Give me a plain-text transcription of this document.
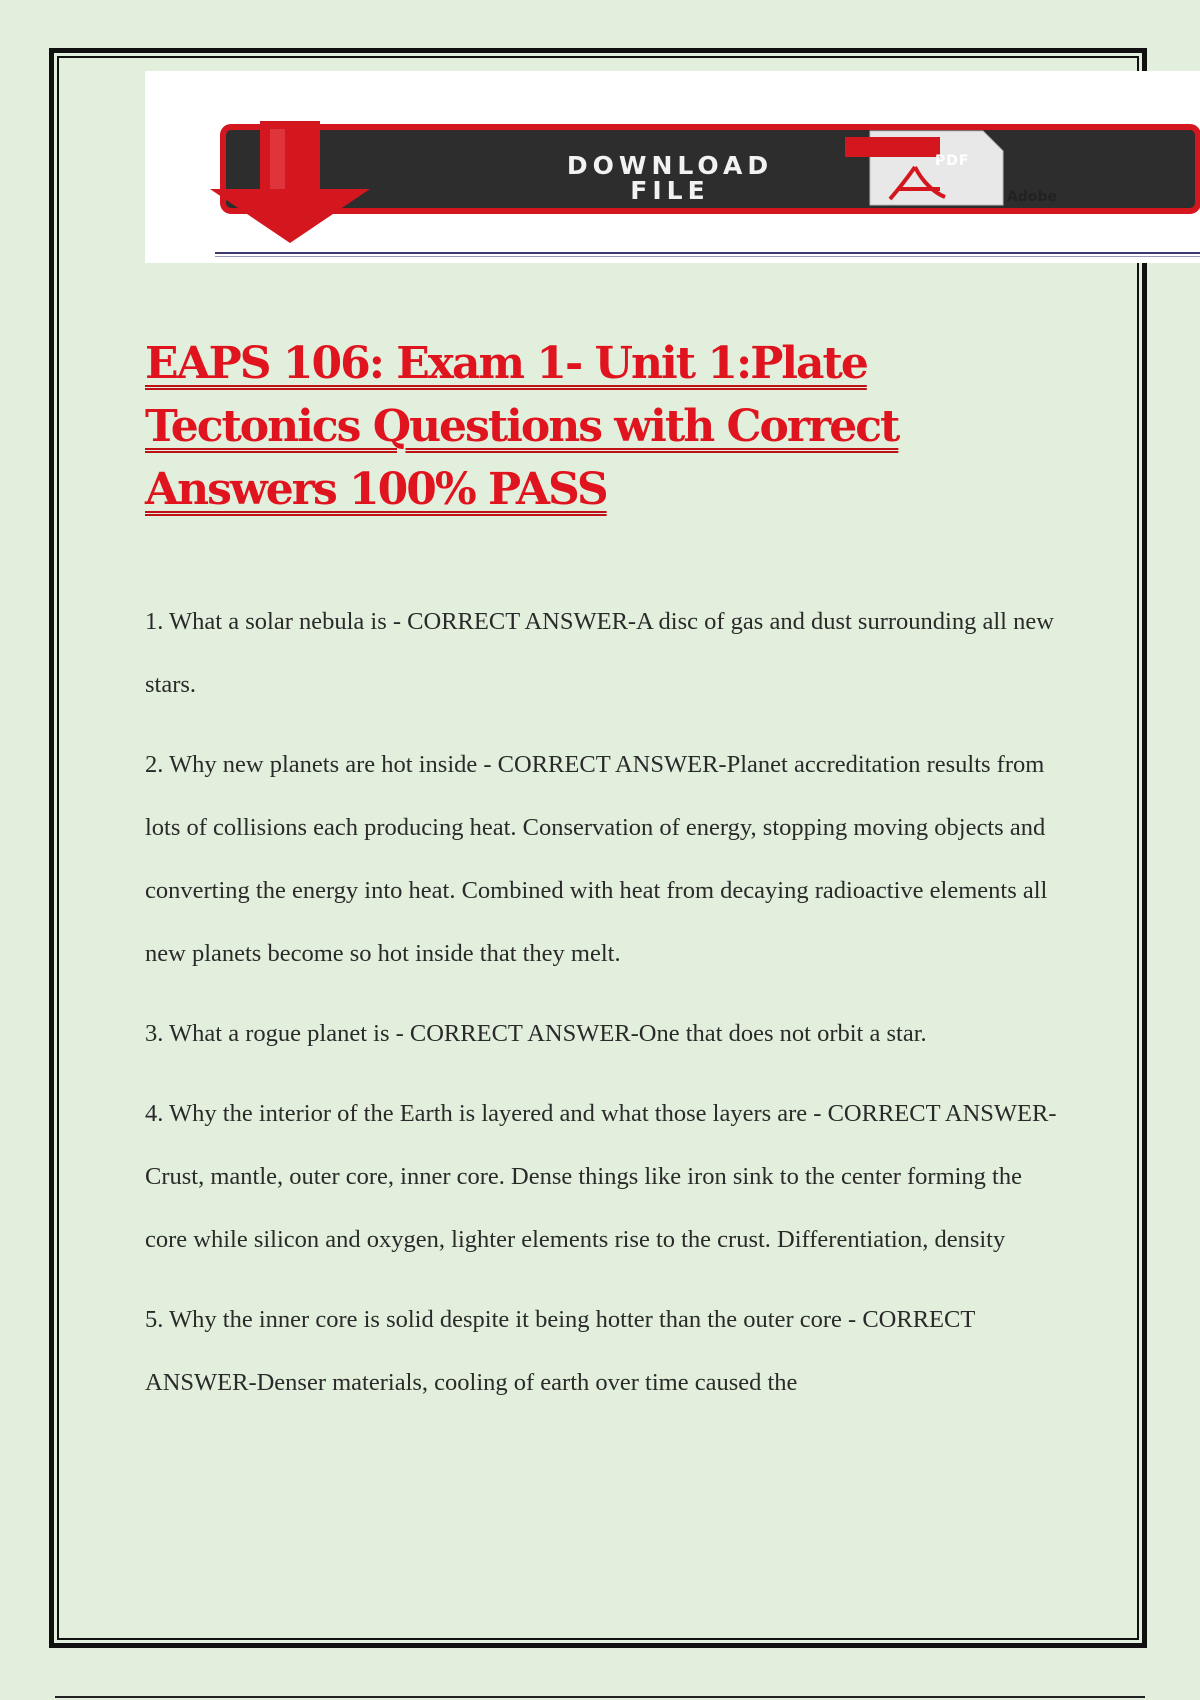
DOWNLOAD
FILE
PDF
Adobe
EAPS 106: Exam 1- Unit 1:Plate Tectonics Questions with Correct Answers 100% PASS

1. What a solar nebula is - CORRECT ANSWER-A disc of gas and dust surrounding all new stars.

2. Why new planets are hot inside - CORRECT ANSWER-Planet accreditation results from lots of collisions each producing heat. Conservation of energy, stopping moving objects and converting the energy into heat. Combined with heat from decaying radioactive elements all new planets become so hot inside that they melt.

3. What a rogue planet is - CORRECT ANSWER-One that does not orbit a star.

4. Why the interior of the Earth is layered and what those layers are - CORRECT ANSWER-Crust, mantle, outer core, inner core. Dense things like iron sink to the center forming the core while silicon and oxygen, lighter elements rise to the crust. Differentiation, density

5. Why the inner core is solid despite it being hotter than the outer core - CORRECT ANSWER-Denser materials, cooling of earth over time caused the
